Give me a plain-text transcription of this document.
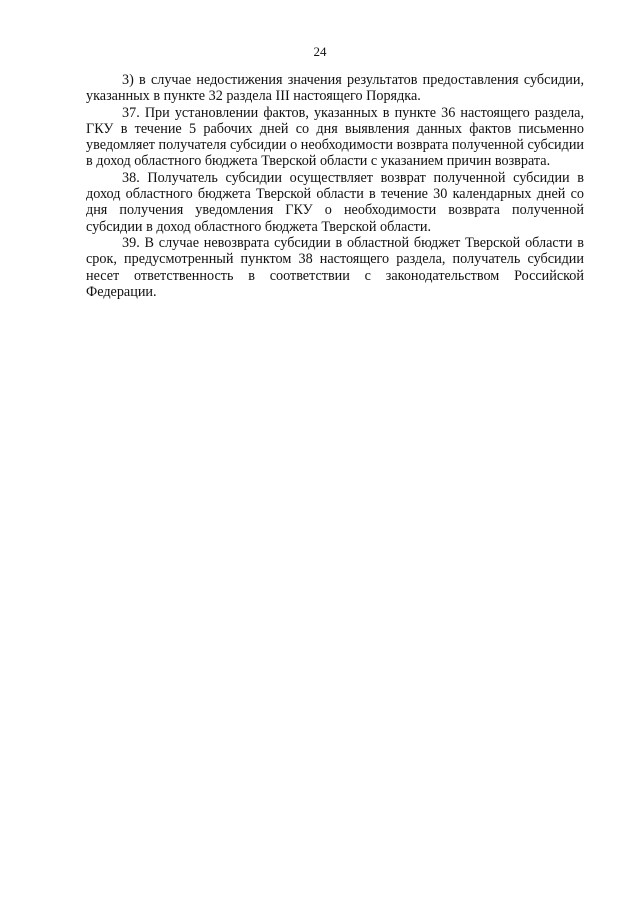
24

3) в случае недостижения значения результатов предоставления субсидии, указанных в пункте 32 раздела III настоящего Порядка.

37. При установлении фактов, указанных в пункте 36 настоящего раздела, ГКУ в течение 5 рабочих дней со дня выявления данных фактов письменно уведомляет получателя субсидии о необходимости возврата полученной субсидии в доход областного бюджета Тверской области с указанием причин возврата.

38. Получатель субсидии осуществляет возврат полученной субсидии в доход областного бюджета Тверской области в течение 30 календарных дней со дня получения уведомления ГКУ о необходимости возврата полученной субсидии в доход областного бюджета Тверской области.

39. В случае невозврата субсидии в областной бюджет Тверской области в срок, предусмотренный пунктом 38 настоящего раздела, получатель субсидии несет ответственность в соответствии с законодательством Российской Федерации.
